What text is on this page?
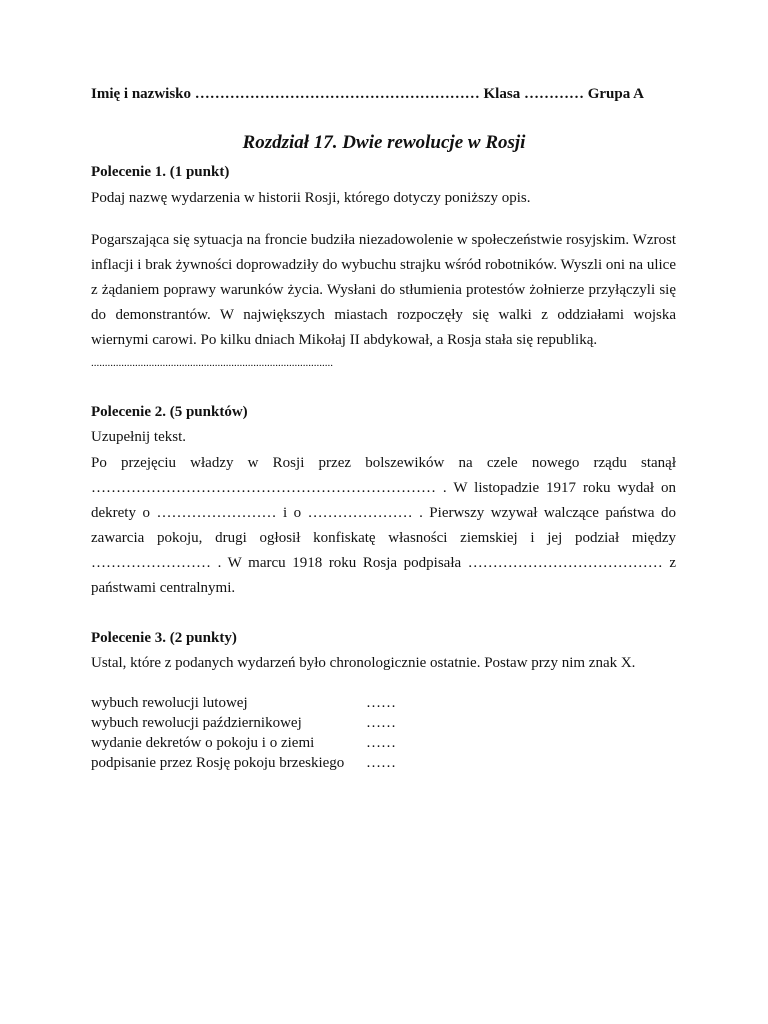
Imię i nazwisko ………………………………………………… Klasa ………… Grupa A
Rozdział 17. Dwie rewolucje w Rosji
Polecenie 1. (1 punkt)
Podaj nazwę wydarzenia w historii Rosji, którego dotyczy poniższy opis.

Pogarszająca się sytuacja na froncie budziła niezadowolenie w społeczeństwie rosyjskim. Wzrost inflacji i brak żywności doprowadziły do wybuchu strajku wśród robotników. Wyszli oni na ulice z żądaniem poprawy warunków życia. Wysłani do stłumienia protestów żołnierze przyłączyli się do demonstrantów. W największych miastach rozpoczęły się walki z oddziałami wojska wiernymi carowi. Po kilku dniach Mikołaj II abdykował, a Rosja stała się republiką.

........................................................................................
Polecenie 2. (5 punktów)
Uzupełnij tekst.

Po przejęciu władzy w Rosji przez bolszewików na czele nowego rządu stanął …………………………………………………………… . W listopadzie 1917 roku wydał on dekrety o …………………… i o ………………… . Pierwszy wzywał walczące państwa do zawarcia pokoju, drugi ogłosił konfiskatę własności ziemskiej i jej podział między …………………… . W marcu 1918 roku Rosja podpisała ………………………………… z państwami centralnymi.

Polecenie 3. (2 punkty)
Ustal, które z podanych wydarzeń było chronologicznie ostatnie. Postaw przy nim znak X.
wybuch rewolucji lutowej	……
wybuch rewolucji październikowej	……
wydanie dekretów o pokoju i o ziemi	……
podpisanie przez Rosję pokoju brzeskiego	……
